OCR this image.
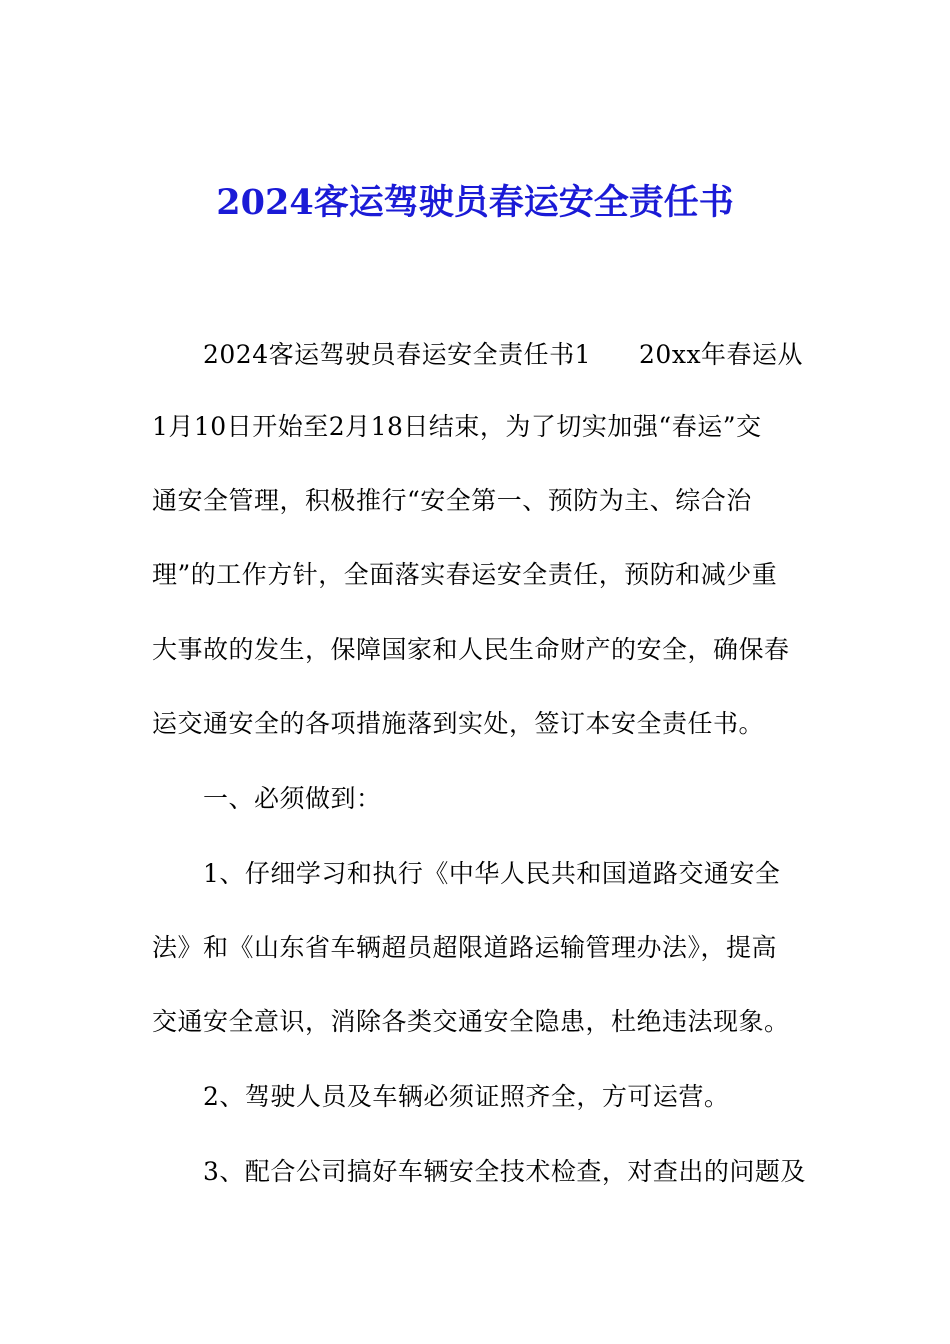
2024客运驾驶员春运安全责任书
2024客运驾驶员春运安全责任书1 20xx年春运从
1月10日开始至2月18日结束，为了切实加强“春运”交
通安全管理，积极推行“安全第一、预防为主、综合治
理”的工作方针，全面落实春运安全责任，预防和减少重
大事故的发生，保障国家和人民生命财产的安全，确保春
运交通安全的各项措施落到实处，签订本安全责任书。
一、必须做到：
1、仔细学习和执行《中华人民共和国道路交通安全
法》和《山东省车辆超员超限道路运输管理办法》，提高
交通安全意识，消除各类交通安全隐患，杜绝违法现象。
2、驾驶人员及车辆必须证照齐全，方可运营。
3、配合公司搞好车辆安全技术检查，对查出的问题及
